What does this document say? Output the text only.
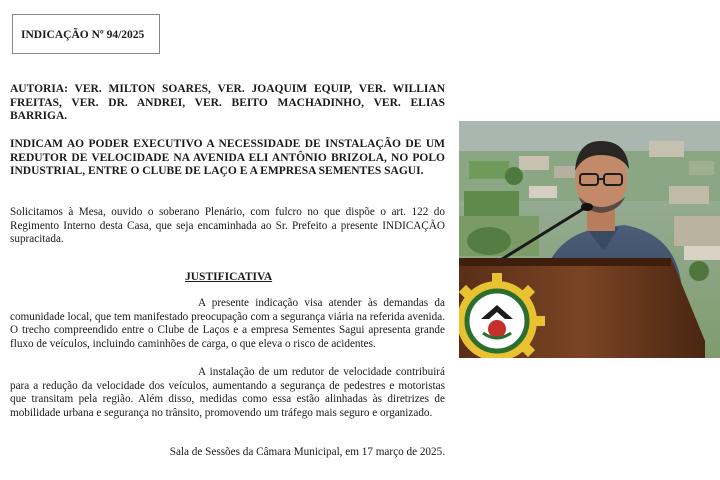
INDICAÇÃO Nº 94/2025
AUTORIA: VER. MILTON SOARES, VER. JOAQUIM EQUIP, VER. WILLIAN FREITAS, VER. DR. ANDREI, VER. BEITO MACHADINHO, VER. ELIAS BARRIGA.
INDICAM AO PODER EXECUTIVO A NECESSIDADE DE INSTALAÇÃO DE UM REDUTOR DE VELOCIDADE NA AVENIDA ELI ANTÔNIO BRIZOLA, NO POLO INDUSTRIAL, ENTRE O CLUBE DE LAÇO E A EMPRESA SEMENTES SAGUI.
Solicitamos à Mesa, ouvido o soberano Plenário, com fulcro no que dispõe o art. 122 do Regimento Interno desta Casa, que seja encaminhada ao Sr. Prefeito a presente INDICAÇÃO supracitada.
JUSTIFICATIVA
A presente indicação visa atender às demandas da comunidade local, que tem manifestado preocupação com a segurança viária na referida avenida. O trecho compreendido entre o Clube de Laços e a empresa Sementes Sagui apresenta grande fluxo de veículos, incluindo caminhões de carga, o que eleva o risco de acidentes.
A instalação de um redutor de velocidade contribuirá para a redução da velocidade dos veículos, aumentando a segurança de pedestres e motoristas que transitam pela região. Além disso, medidas como essa estão alinhadas às diretrizes de mobilidade urbana e segurança no trânsito, promovendo um tráfego mais seguro e organizado.
Sala de Sessões da Câmara Municipal, em 17 março de 2025.
